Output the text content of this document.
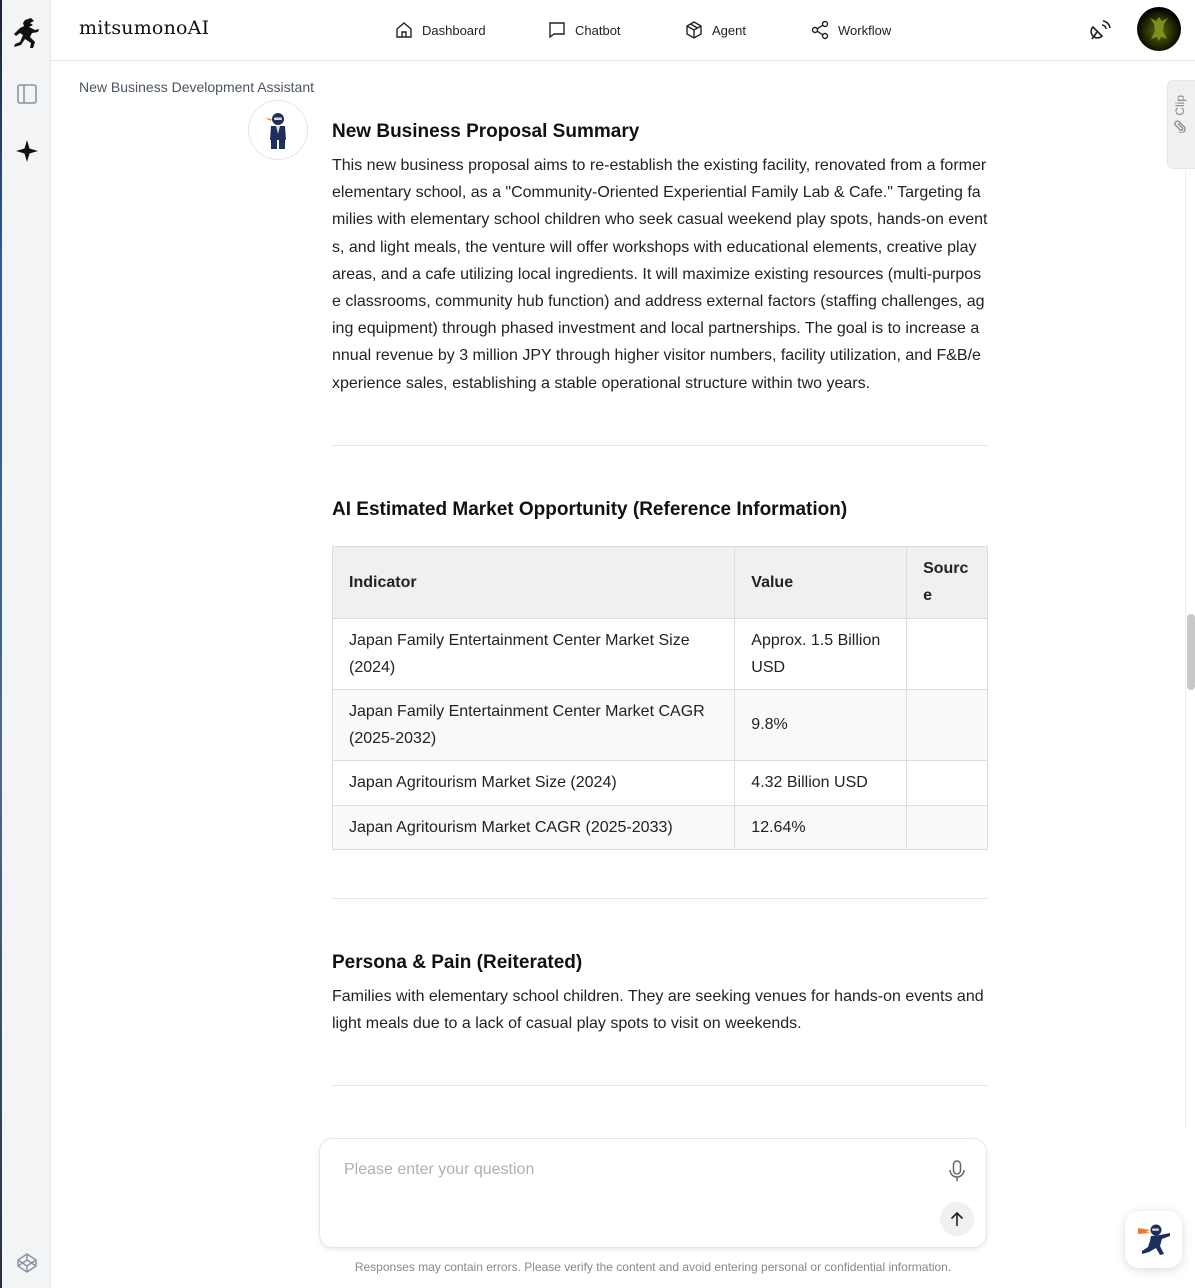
mitsumonoAI	Dashboard	Chatbot	Agent	Workflow
New Business Development Assistant
New Business Proposal Summary

This new business proposal aims to re-establish the existing facility, renovated from a former elementary school, as a "Community-Oriented Experiential Family Lab & Cafe." Targeting families with elementary school children who seek casual weekend play spots, hands-on events, and light meals, the venture will offer workshops with educational elements, creative play areas, and a cafe utilizing local ingredients. It will maximize existing resources (multi-purpose classrooms, community hub function) and address external factors (staffing challenges, aging equipment) through phased investment and local partnerships. The goal is to increase annual revenue by 3 million JPY through higher visitor numbers, facility utilization, and F&B/experience sales, establishing a stable operational structure within two years.

AI Estimated Market Opportunity (Reference Information)
Indicator	Value	Source
Japan Family Entertainment Center Market Size (2024)	Approx. 1.5 Billion USD	
Japan Family Entertainment Center Market CAGR (2025-2032)	9.8%	
Japan Agritourism Market Size (2024)	4.32 Billion USD	
Japan Agritourism Market CAGR (2025-2033)	12.64%	
Persona & Pain (Reiterated)

Families with elementary school children. They are seeking venues for hands-on events and light meals due to a lack of casual play spots to visit on weekends.

Clip
Please enter your question
Responses may contain errors. Please verify the content and avoid entering personal or confidential information.
